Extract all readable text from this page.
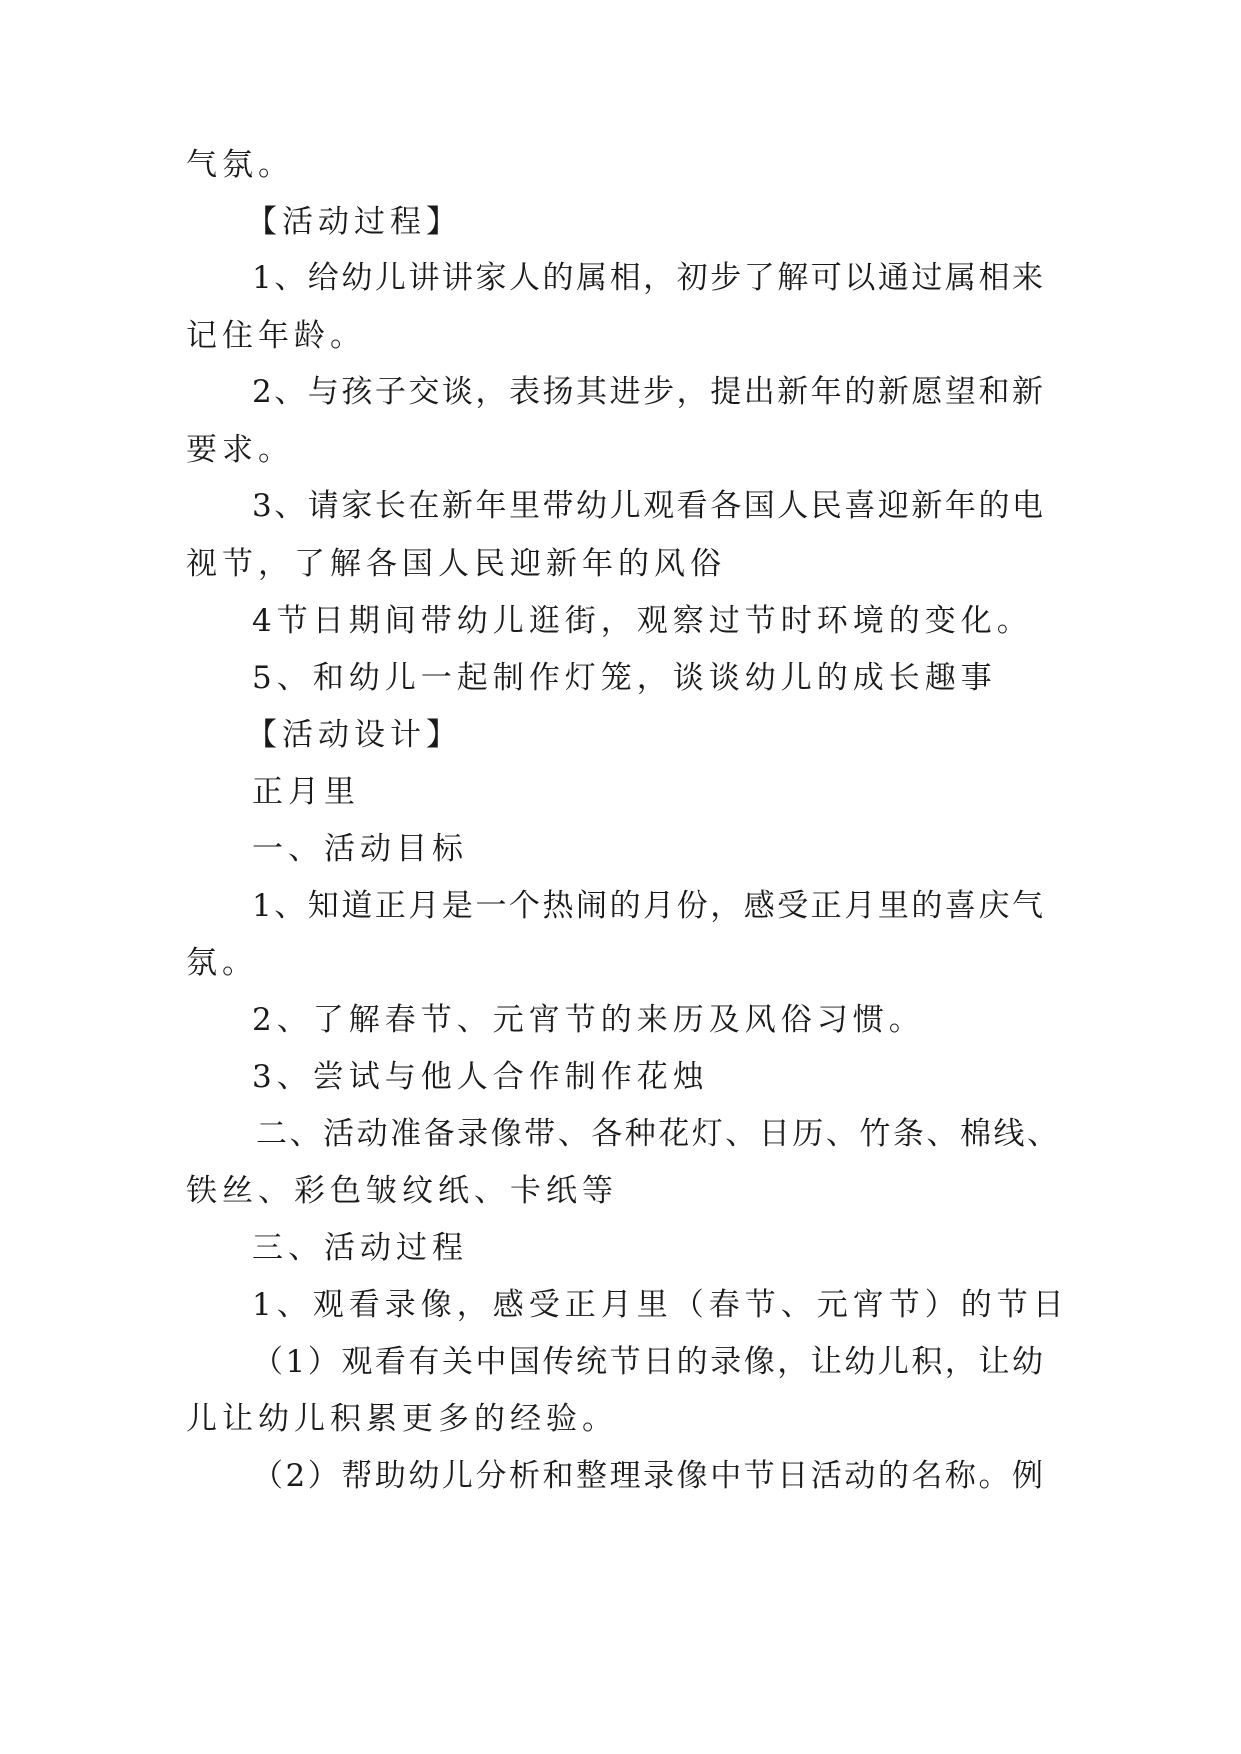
气氛。

【活动过程】

1、给幼儿讲讲家人的属相，初步了解可以通过属相来

记住年龄。

2、与孩子交谈，表扬其进步，提出新年的新愿望和新

要求。

3、请家长在新年里带幼儿观看各国人民喜迎新年的电

视节，了解各国人民迎新年的风俗

4节日期间带幼儿逛街，观察过节时环境的变化。

5、和幼儿一起制作灯笼，谈谈幼儿的成长趣事

【活动设计】

正月里

一、活动目标

1、知道正月是一个热闹的月份，感受正月里的喜庆气

氛。

2、了解春节、元宵节的来历及风俗习惯。

3、尝试与他人合作制作花烛

二、活动准备录像带、各种花灯、日历、竹条、棉线、

铁丝、彩色皱纹纸、卡纸等

三、活动过程

1、观看录像，感受正月里（春节、元宵节）的节日

（1）观看有关中国传统节日的录像，让幼儿积，让幼

儿让幼儿积累更多的经验。

（2）帮助幼儿分析和整理录像中节日活动的名称。例
